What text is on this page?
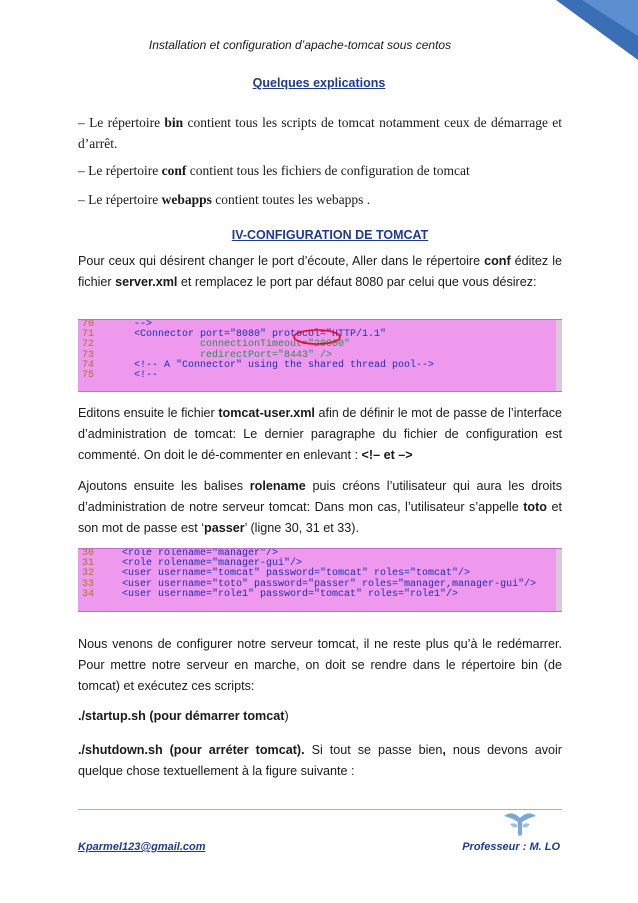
5
Installation et configuration d’apache-tomcat sous centos
Quelques explications
– Le répertoire bin contient tous les scripts de tomcat notamment ceux de démarrage et d’arrêt.
– Le répertoire conf contient tous les fichiers de configuration de tomcat
– Le répertoire webapps contient toutes les webapps .
IV-CONFIGURATION DE TOMCAT
Pour ceux qui désirent changer le port d’écoute, Aller dans le répertoire conf éditez le fichier server.xml et remplacez le port par défaut 8080 par celui que vous désirez:
70    -->
71    <Connector port="8080" protocol="HTTP/1.1"
72               connectionTimeout="20000"
73               redirectPort="8443" />
74    <!-- A "Connector" using the shared thread pool-->
75    <!--
Editons ensuite le fichier tomcat-user.xml afin de définir le mot de passe de l’interface d’administration de tomcat: Le dernier paragraphe du fichier de configuration est commenté. On doit le dé-commenter en enlevant : <!– et –>
Ajoutons ensuite les balises rolename puis créons l’utilisateur qui aura les droits d’administration de notre serveur tomcat: Dans mon cas, l’utilisateur s’appelle toto et son mot de passe est ‘passer’ (ligne 30, 31 et 33).
30  <role rolename="manager"/>
31  <role rolename="manager-gui"/>
32  <user username="tomcat" password="tomcat" roles="tomcat"/>
33  <user username="toto" password="passer" roles="manager,manager-gui"/>
34  <user username="role1" password="tomcat" roles="role1"/>
Nous venons de configurer notre serveur tomcat, il ne reste plus qu’à le redémarrer. Pour mettre notre serveur en marche, on doit se rendre dans le répertoire bin (de tomcat) et exécutez ces scripts:
./startup.sh (pour démarrer tomcat)
./shutdown.sh (pour arréter tomcat). Si tout se passe bien, nous devons avoir quelque chose textuellement à la figure suivante :
Kparmel123@gmail.com	Professeur : M. LO
